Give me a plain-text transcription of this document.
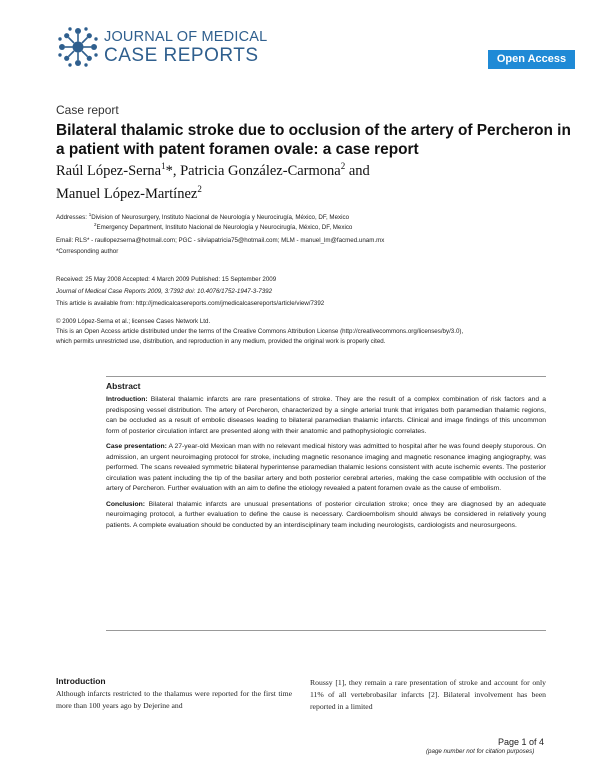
JOURNAL OF MEDICAL
CASE REPORTS	Open Access
Case report
Bilateral thalamic stroke due to occlusion of the artery of Percheron in a patient with patent foramen ovale: a case report
Raúl López-Serna$^1$*, Patricia González-Carmona$^2$ and
Manuel López-Martínez$^2$
Addresses: $^1$Division of Neurosurgery, Instituto Nacional de Neurología y Neurocirugía, México, DF, Mexico
$^2$Emergency Department, Instituto Nacional de Neurología y Neurocirugía, México, DF, Mexico
Email: RLS* - raullopezserna@hotmail.com; PGC - silviapatricia75@hotmail.com; MLM - manuel_lm@facmed.unam.mx
*Corresponding author
Received: 25 May 2008 Accepted: 4 March 2009 Published: 15 September 2009
Journal of Medical Case Reports 2009, 3:7392 doi: 10.4076/1752-1947-3-7392
This article is available from: http://jmedicalcasereports.com/jmedicalcasereports/article/view/7392
© 2009 López-Serna et al.; licensee Cases Network Ltd.
This is an Open Access article distributed under the terms of the Creative Commons Attribution License (http://creativecommons.org/licenses/by/3.0),
which permits unrestricted use, distribution, and reproduction in any medium, provided the original work is properly cited.
Abstract

Introduction: Bilateral thalamic infarcts are rare presentations of stroke. They are the result of a complex combination of risk factors and a predisposing vessel distribution. The artery of Percheron, characterized by a single arterial trunk that irrigates both paramedian thalamic regions, can be occluded as a result of embolic diseases leading to bilateral paramedian thalamic infarcts. Clinical and image findings of this uncommon form of posterior circulation infarct are presented along with their anatomic and pathophysiologic correlates.

Case presentation: A 27-year-old Mexican man with no relevant medical history was admitted to hospital after he was found deeply stuporous. On admission, an urgent neuroimaging protocol for stroke, including magnetic resonance imaging and magnetic resonance imaging angiography, was performed. The scans revealed symmetric bilateral hyperintense paramedian thalamic lesions consistent with acute ischemic events. The posterior circulation was patent including the tip of the basilar artery and both posterior cerebral arteries, making the case compatible with occlusion of the artery of Percheron. Further evaluation with an aim to define the etiology revealed a patent foramen ovale as the cause of embolism.

Conclusion: Bilateral thalamic infarcts are unusual presentations of posterior circulation stroke; once they are diagnosed by an adequate neuroimaging protocol, a further evaluation to define the cause is necessary. Cardioembolism should always be considered in relatively young patients. A complete evaluation should be conducted by an interdisciplinary team including neurologists, cardiologists and neurosurgeons.

Introduction
Although infarcts restricted to the thalamus were reported for the first time more than 100 years ago by Dejerine and
Roussy [1], they remain a rare presentation of stroke and account for only 11% of all vertebrobasilar infarcts [2]. Bilateral involvement has been reported in a limited
Page 1 of 4
(page number not for citation purposes)
